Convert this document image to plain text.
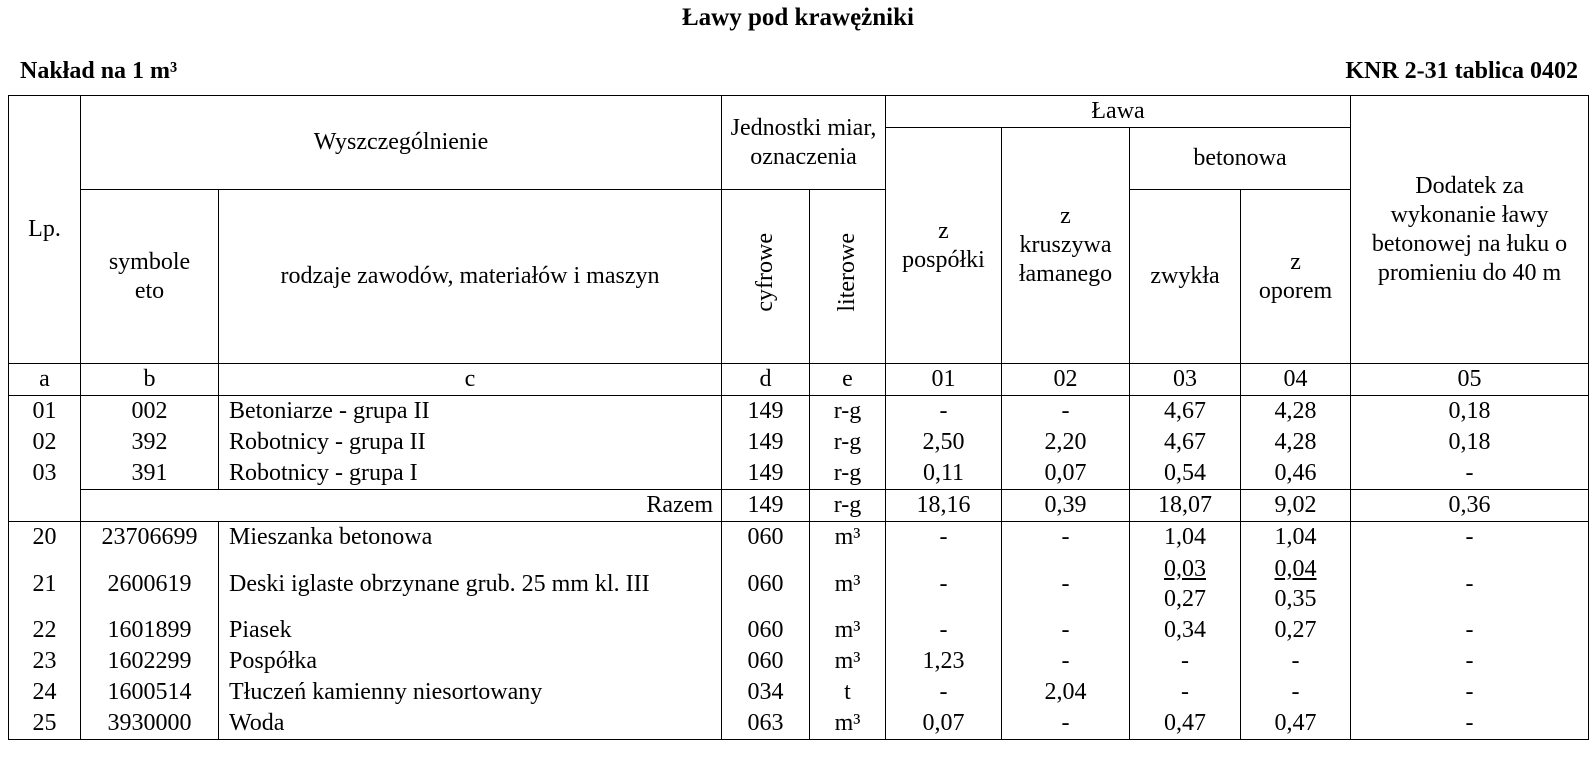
Ławy pod krawężniki
Nakład na 1 m³	KNR 2-31 tablica 0402
Lp.	Wyszczególnienie		Jednostki miar, oznaczenia		Ława				Dodatek za wykonanie ławy betonowej na łuku o promieniu do 40 m
					z pospółki	z kruszywa łamanego	betonowa		

	symbole eto	rodzaje zawodów, materiałów i maszyn	cyfrowe	literowe			zwykła	z oporem	
a	b	c	d	e	01	02	03	04	05
01	002	Betoniarze - grupa II	149	r-g	-	-	4,67	4,28	0,18
02	392	Robotnicy - grupa II	149	r-g	2,50	2,20	4,67	4,28	0,18
03	391	Robotnicy - grupa I	149	r-g	0,11	0,07	0,54	0,46	-
	Razem		149	r-g	18,16	0,39	18,07	9,02	0,36
20	23706699	Mieszanka betonowa	060	m³	-	-	1,04	1,04	-
21	2600619	Deski iglaste obrzynane grub. 25 mm kl. III	060	m³	-	-	$\frac{0,03}{0,27}$	$\frac{0,04}{0,35}$	-
22	1601899	Piasek	060	m³	-	-	0,34	0,27	-
23	1602299	Pospółka	060	m³	1,23	-	-	-	-
24	1600514	Tłuczeń kamienny niesortowany	034	t	-	2,04	-	-	-
25	3930000	Woda	063	m³	0,07	-	0,47	0,47	-
